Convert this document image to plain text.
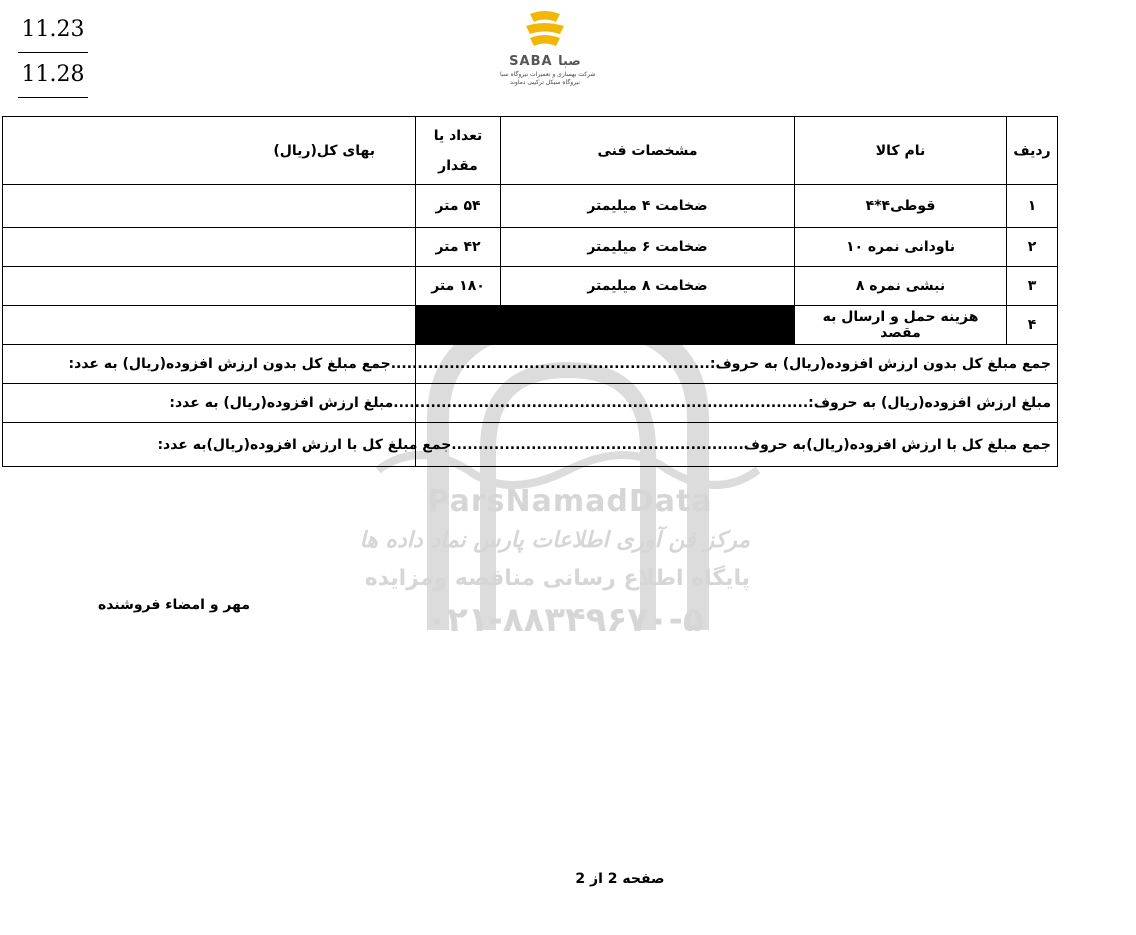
11.23
11.28
SABA صبا
شرکت بهسازی و تعمیرات نیروگاه سبا
نیروگاه سیکل ترکیبی دماوند
ParsNamadData
مرکز فن آوری اطلاعات پارس نماد داده ها
پایگاه اطلاع رسانی مناقصه ومزایده
۰۲۱-۸۸۳۴۹۶۷۰-۵
ردیف	نام کالا	مشخصات فنی	تعداد یا مقدار	بهای کل(ریال)
۱	قوطی۴*۴	ضخامت ۴ میلیمتر	۵۴ متر	
۲	ناودانی نمره ۱۰	ضخامت ۶ میلیمتر	۴۲ متر	
۳	نبشی نمره ۸	ضخامت ۸ میلیمتر	۱۸۰ متر	
۴	هزینه حمل و ارسال به مقصد			
جمع مبلغ کل بدون ارزش افزوده(ریال) به حروف:............................................................جمع مبلغ کل بدون ارزش افزوده(ریال) به عدد:				
مبلغ ارزش افزوده(ریال) به حروف:..............................................................................مبلغ ارزش افزوده(ریال) به عدد:				
جمع مبلغ کل با ارزش افزوده(ریال)به حروف.......................................................جمع مبلغ کل با ارزش افزوده(ریال)به عدد:				
مهر و امضاء فروشنده
صفحه 2 از 2
